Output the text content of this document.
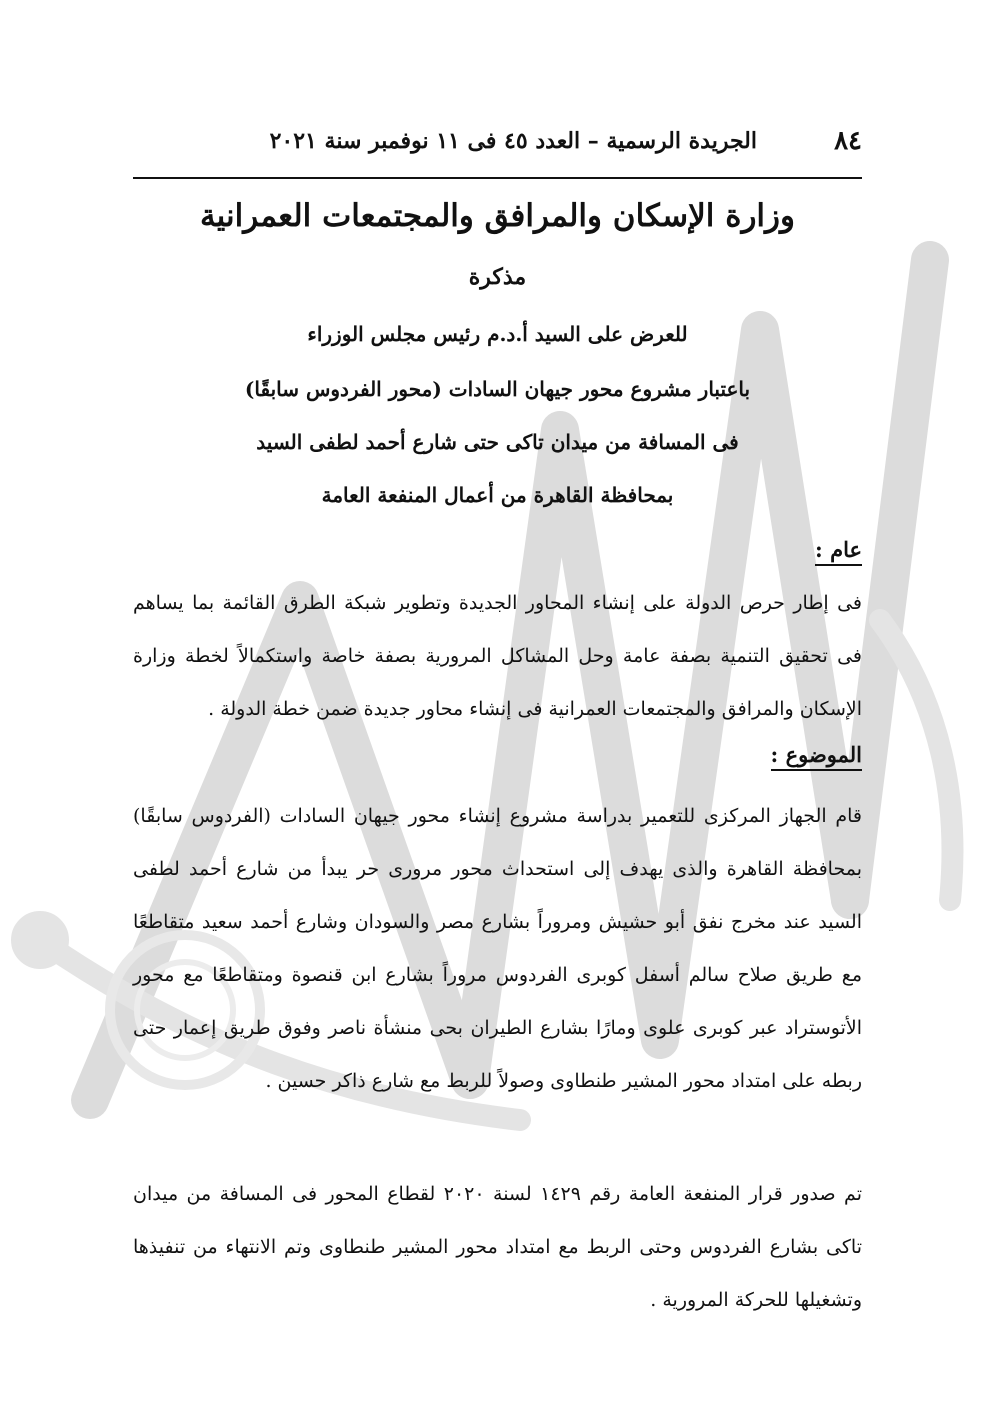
٨٤
الجريدة الرسمية – العدد ٤٥ فى ١١ نوفمبر سنة ٢٠٢١
وزارة الإسكان والمرافق والمجتمعات العمرانية
مذكرة
للعرض على السيد أ.د.م رئيس مجلس الوزراء
باعتبار مشروع محور جيهان السادات (محور الفردوس سابقًا)
فى المسافة من ميدان تاكى حتى شارع أحمد لطفى السيد
بمحافظة القاهرة من أعمال المنفعة العامة
عام :
فى إطار حرص الدولة على إنشاء المحاور الجديدة وتطوير شبكة الطرق القائمة بما يساهم فى تحقيق التنمية بصفة عامة وحل المشاكل المرورية بصفة خاصة واستكمالاً لخطة وزارة الإسكان والمرافق والمجتمعات العمرانية فى إنشاء محاور جديدة ضمن خطة الدولة .
الموضوع :
قام الجهاز المركزى للتعمير بدراسة مشروع إنشاء محور جيهان السادات (الفردوس سابقًا) بمحافظة القاهرة والذى يهدف إلى استحداث محور مرورى حر يبدأ من شارع أحمد لطفى السيد عند مخرج نفق أبو حشيش ومروراً بشارع مصر والسودان وشارع أحمد سعيد متقاطعًا مع طريق صلاح سالم أسفل كوبرى الفردوس مروراً بشارع ابن قنصوة ومتقاطعًا مع محور الأتوستراد عبر كوبرى علوى ومارًا بشارع الطيران بحى منشأة ناصر وفوق طريق إعمار حتى ربطه على امتداد محور المشير طنطاوى وصولاً للربط مع شارع ذاكر حسين .
تم صدور قرار المنفعة العامة رقم ١٤٢٩ لسنة ٢٠٢٠ لقطاع المحور فى المسافة من ميدان تاكى بشارع الفردوس وحتى الربط مع امتداد محور المشير طنطاوى وتم الانتهاء من تنفيذها وتشغيلها للحركة المرورية .
